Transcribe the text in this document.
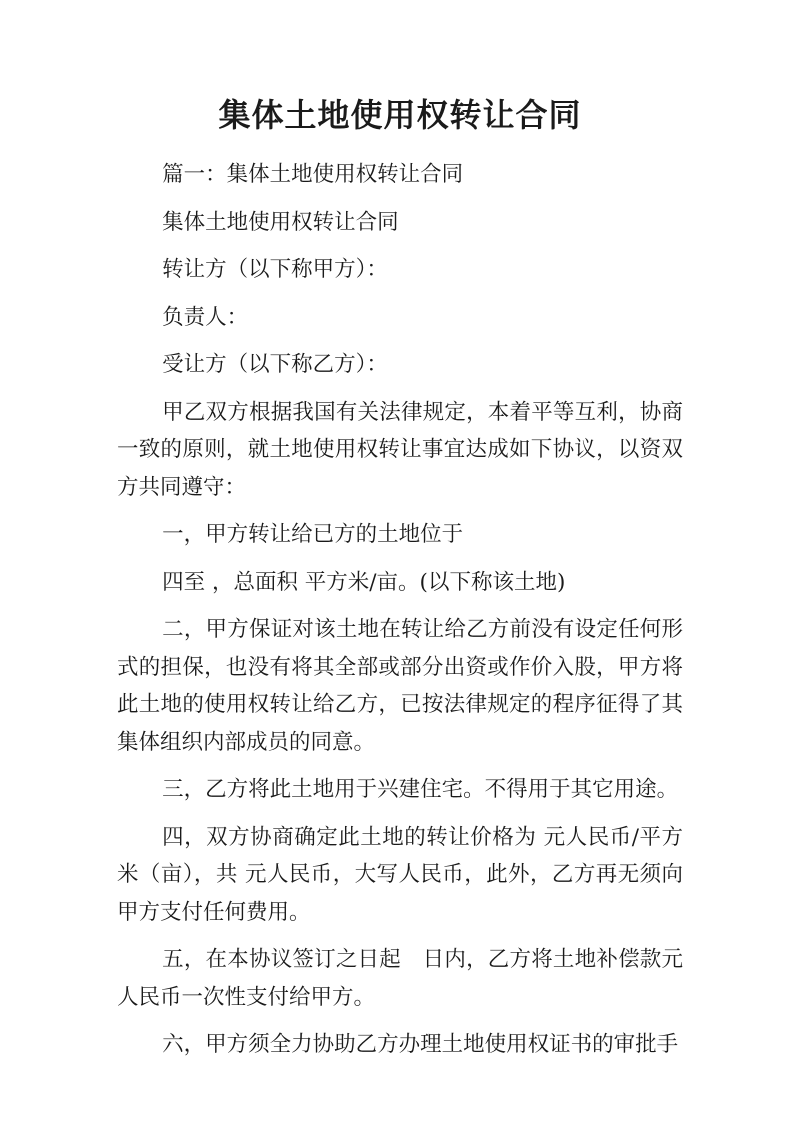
集体土地使用权转让合同

篇一：集体土地使用权转让合同

集体土地使用权转让合同

转让方（以下称甲方）：

负责人：

受让方（以下称乙方）：

甲乙双方根据我国有关法律规定，本着平等互利，协商一致的原则，就土地使用权转让事宜达成如下协议，以资双方共同遵守：

一，甲方转让给已方的土地位于

四至 ，总面积 平方米/亩。(以下称该土地)

二，甲方保证对该土地在转让给乙方前没有设定任何形式的担保，也没有将其全部或部分出资或作价入股，甲方将此土地的使用权转让给乙方，已按法律规定的程序征得了其集体组织内部成员的同意。

三，乙方将此土地用于兴建住宅。不得用于其它用途。

四，双方协商确定此土地的转让价格为 元人民币/平方米（亩），共 元人民币，大写人民币，此外，乙方再无须向甲方支付任何费用。

五，在本协议签订之日起　日内，乙方将土地补偿款元人民币一次性支付给甲方。

六，甲方须全力协助乙方办理土地使用权证书的审批手
